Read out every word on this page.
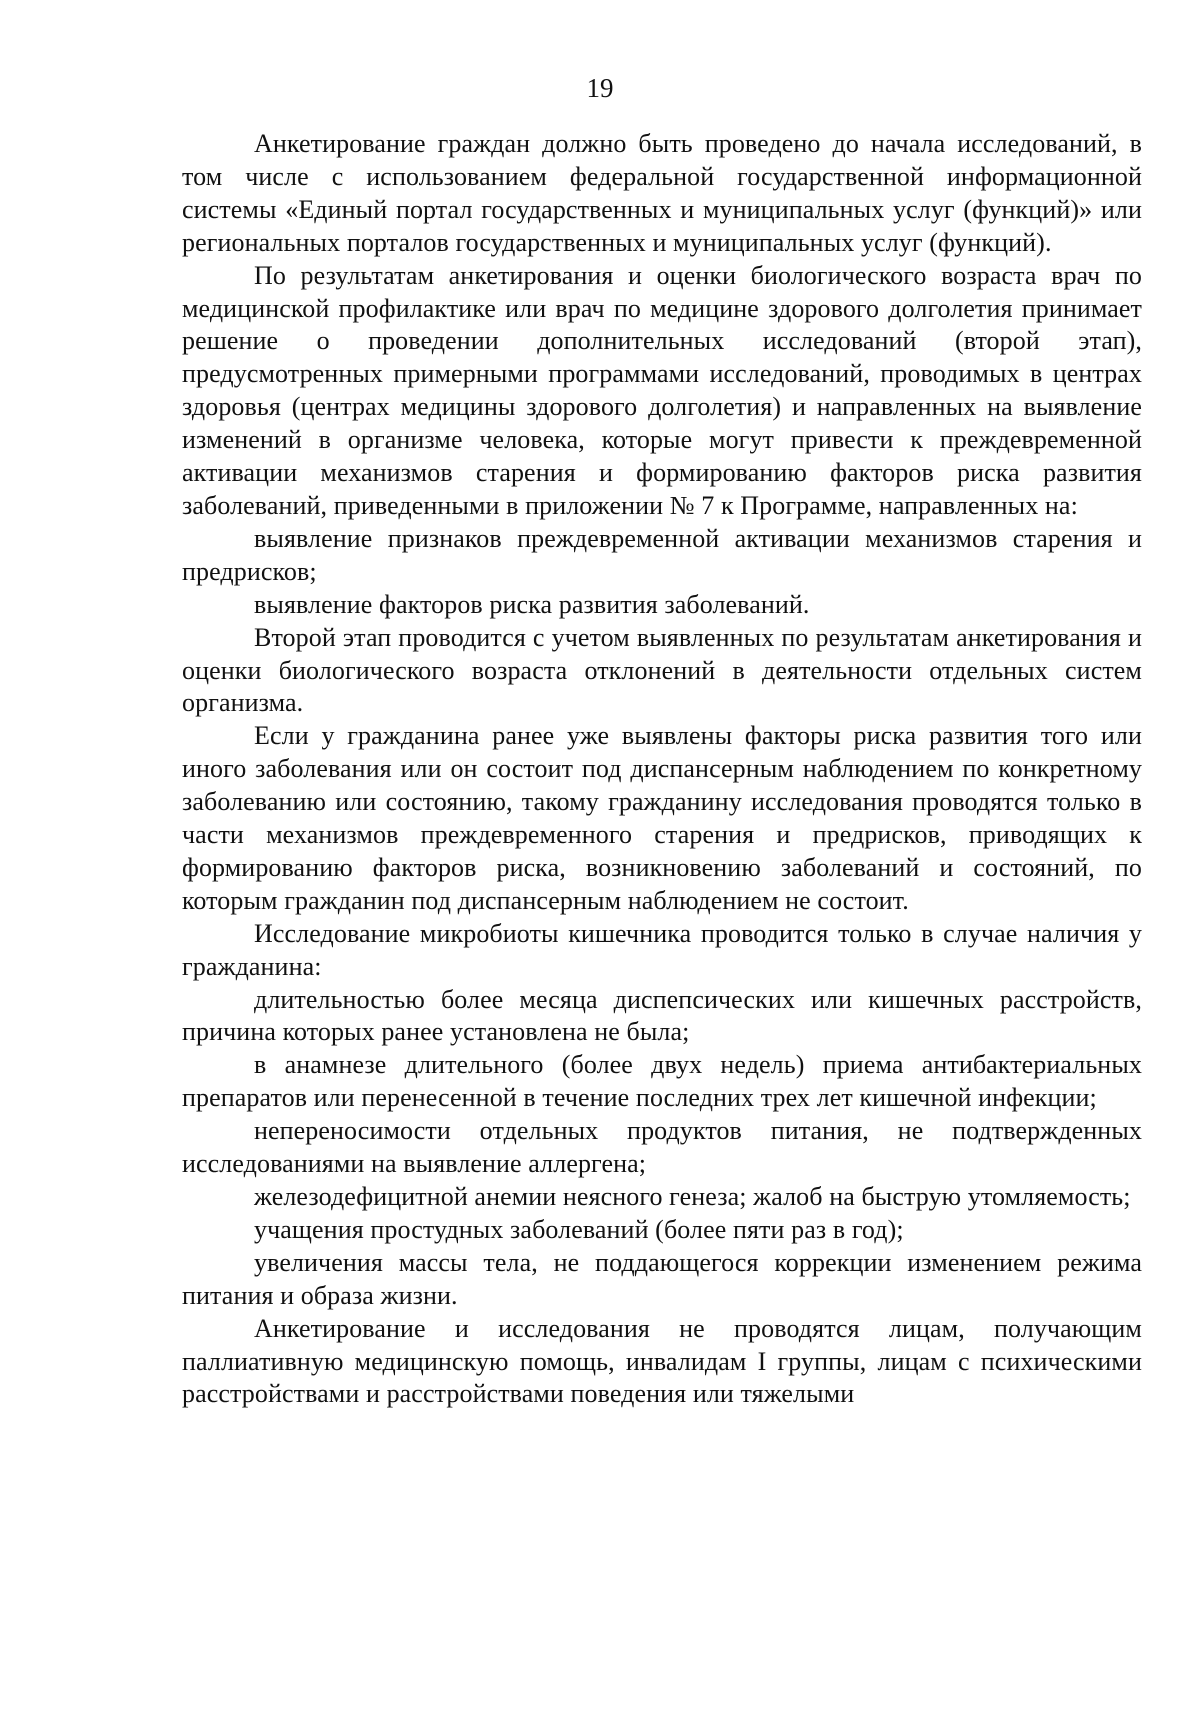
19

Анкетирование граждан должно быть проведено до начала исследований, в том числе с использованием федеральной государственной информационной системы «Единый портал государственных и муниципальных услуг (функций)» или региональных порталов государственных и муниципальных услуг (функций).

По результатам анкетирования и оценки биологического возраста врач по медицинской профилактике или врач по медицине здорового долголетия принимает решение о проведении дополнительных исследований (второй этап), предусмотренных примерными программами исследований, проводимых в центрах здоровья (центрах медицины здорового долголетия) и направленных на выявление изменений в организме человека, которые могут привести к преждевременной активации механизмов старения и формированию факторов риска развития заболеваний, приведенными в приложении № 7 к Программе, направленных на:

выявление признаков преждевременной активации механизмов старения и предрисков;

выявление факторов риска развития заболеваний.

Второй этап проводится с учетом выявленных по результатам анкетирования и оценки биологического возраста отклонений в деятельности отдельных систем организма.

Если у гражданина ранее уже выявлены факторы риска развития того или иного заболевания или он состоит под диспансерным наблюдением по конкретному заболеванию или состоянию, такому гражданину исследования проводятся только в части механизмов преждевременного старения и предрисков, приводящих к формированию факторов риска, возникновению заболеваний и состояний, по которым гражданин под диспансерным наблюдением не состоит.

Исследование микробиоты кишечника проводится только в случае наличия у гражданина:

длительностью более месяца диспепсических или кишечных расстройств, причина которых ранее установлена не была;

в анамнезе длительного (более двух недель) приема антибактериальных препаратов или перенесенной в течение последних трех лет кишечной инфекции;

непереносимости отдельных продуктов питания, не подтвержденных исследованиями на выявление аллергена;

железодефицитной анемии неясного генеза; жалоб на быструю утомляемость;

учащения простудных заболеваний (более пяти раз в год);

увеличения массы тела, не поддающегося коррекции изменением режима питания и образа жизни.

Анкетирование и исследования не проводятся лицам, получающим паллиативную медицинскую помощь, инвалидам I группы, лицам с психическими расстройствами и расстройствами поведения или тяжелыми
